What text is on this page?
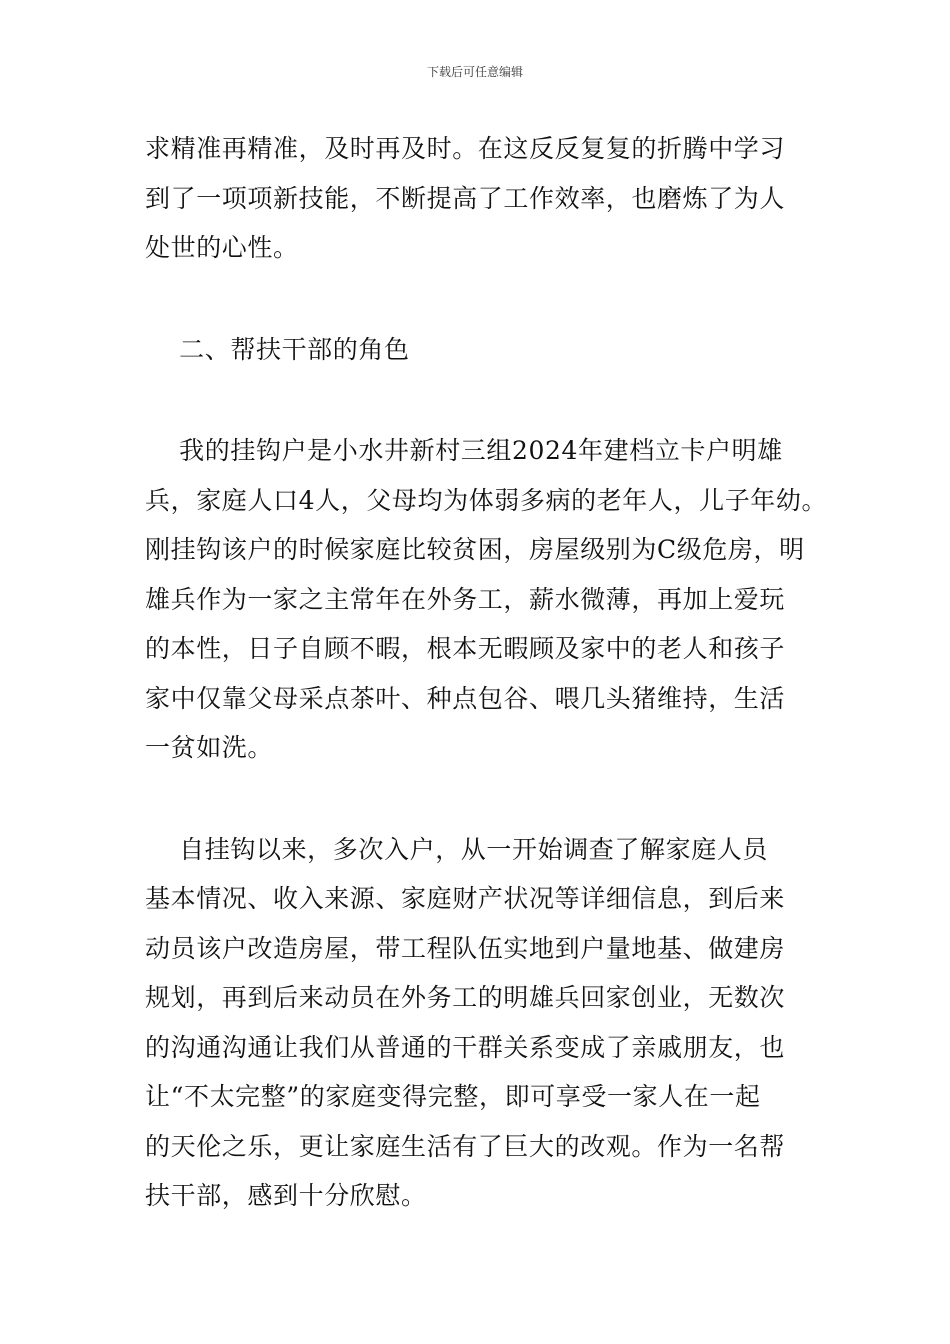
下载后可任意编辑
求精准再精准，及时再及时。在这反反复复的折腾中学习
到了一项项新技能，不断提高了工作效率，也磨炼了为人
处世的心性。
二、帮扶干部的角色
我的挂钩户是小水井新村三组2024年建档立卡户明雄
兵，家庭人口4人，父母均为体弱多病的老年人，儿子年幼。
刚挂钩该户的时候家庭比较贫困，房屋级别为C级危房，明
雄兵作为一家之主常年在外务工，薪水微薄，再加上爱玩
的本性，日子自顾不暇，根本无暇顾及家中的老人和孩子
家中仅靠父母采点茶叶、种点包谷、喂几头猪维持，生活
一贫如洗。
自挂钩以来，多次入户，从一开始调查了解家庭人员
基本情况、收入来源、家庭财产状况等详细信息，到后来
动员该户改造房屋，带工程队伍实地到户量地基、做建房
规划，再到后来动员在外务工的明雄兵回家创业，无数次
的沟通沟通让我们从普通的干群关系变成了亲戚朋友，也
让“不太完整”的家庭变得完整，即可享受一家人在一起
的天伦之乐，更让家庭生活有了巨大的改观。作为一名帮
扶干部，感到十分欣慰。
